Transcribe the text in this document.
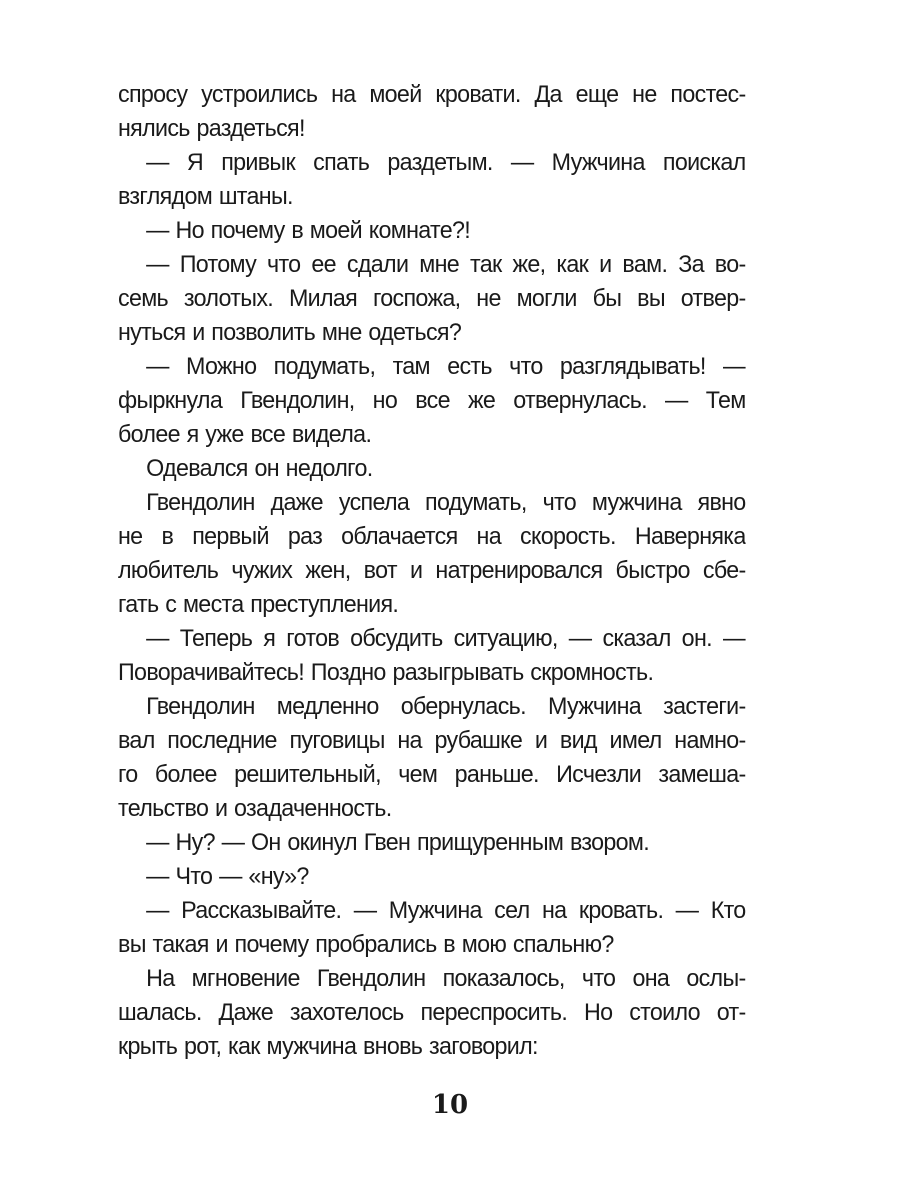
спросу устроились на моей кровати. Да еще не постес-
нялись раздеться!
— Я привык спать раздетым. — Мужчина поискал
взглядом штаны.
— Но почему в моей комнате?!
— Потому что ее сдали мне так же, как и вам. За во-
семь золотых. Милая госпожа, не могли бы вы отвер-
нуться и позволить мне одеться?
— Можно подумать, там есть что разглядывать! —
фыркнула Гвендолин, но все же отвернулась. — Тем
более я уже все видела.
Одевался он недолго.
Гвендолин даже успела подумать, что мужчина явно
не в первый раз облачается на скорость. Наверняка
любитель чужих жен, вот и натренировался быстро сбе-
гать с места преступления.
— Теперь я готов обсудить ситуацию, — сказал он. —
Поворачивайтесь! Поздно разыгрывать скромность.
Гвендолин медленно обернулась. Мужчина застеги-
вал последние пуговицы на рубашке и вид имел намно-
го более решительный, чем раньше. Исчезли замеша-
тельство и озадаченность.
— Ну? — Он окинул Гвен прищуренным взором.
— Что — «ну»?
— Рассказывайте. — Мужчина сел на кровать. — Кто
вы такая и почему пробрались в мою спальню?
На мгновение Гвендолин показалось, что она ослы-
шалась. Даже захотелось переспросить. Но стоило от-
крыть рот, как мужчина вновь заговорил:
10
